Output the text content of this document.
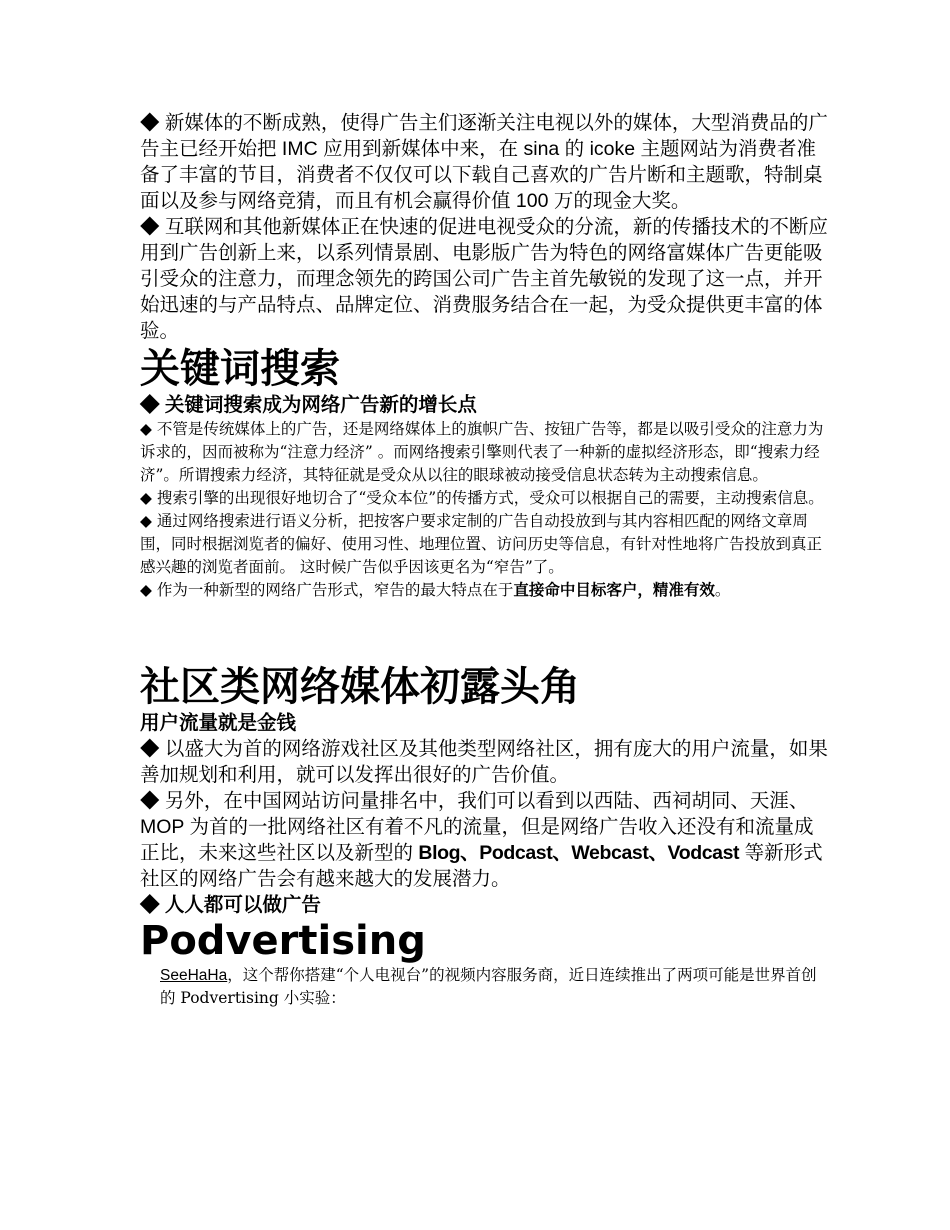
◆ 新媒体的不断成熟，使得广告主们逐渐关注电视以外的媒体，大型消费品的广告主已经开始把 IMC 应用到新媒体中来，在 sina 的 icoke 主题网站为消费者准备了丰富的节目，消费者不仅仅可以下载自己喜欢的广告片断和主题歌，特制桌面以及参与网络竞猜，而且有机会赢得价值 100 万的现金大奖。

◆ 互联网和其他新媒体正在快速的促进电视受众的分流，新的传播技术的不断应用到广告创新上来，以系列情景剧、电影版广告为特色的网络富媒体广告更能吸引受众的注意力，而理念领先的跨国公司广告主首先敏锐的发现了这一点，并开始迅速的与产品特点、品牌定位、消费服务结合在一起，为受众提供更丰富的体验。

关键词搜索

◆ 关键词搜索成为网络广告新的增长点

◆ 不管是传统媒体上的广告，还是网络媒体上的旗帜广告、按钮广告等，都是以吸引受众的注意力为诉求的，因而被称为“注意力经济” 。而网络搜索引擎则代表了一种新的虚拟经济形态，即“搜索力经济”。所谓搜索力经济，其特征就是受众从以往的眼球被动接受信息状态转为主动搜索信息。

◆ 搜索引擎的出现很好地切合了“受众本位”的传播方式，受众可以根据自己的需要，主动搜索信息。

◆ 通过网络搜索进行语义分析，把按客户要求定制的广告自动投放到与其内容相匹配的网络文章周围，同时根据浏览者的偏好、使用习性、地理位置、访问历史等信息，有针对性地将广告投放到真正感兴趣的浏览者面前。 这时候广告似乎因该更名为“窄告”了。

◆ 作为一种新型的网络广告形式，窄告的最大特点在于直接命中目标客户，精准有效。

社区类网络媒体初露头角

用户流量就是金钱

◆ 以盛大为首的网络游戏社区及其他类型网络社区，拥有庞大的用户流量，如果善加规划和利用，就可以发挥出很好的广告价值。

◆ 另外，在中国网站访问量排名中，我们可以看到以西陆、西祠胡同、天涯、MOP 为首的一批网络社区有着不凡的流量，但是网络广告收入还没有和流量成正比，未来这些社区以及新型的 Blog、Podcast、Webcast、Vodcast 等新形式社区的网络广告会有越来越大的发展潜力。

◆ 人人都可以做广告

Podvertising

SeeHaHa，这个帮你搭建“个人电视台”的视频内容服务商，近日连续推出了两项可能是世界首创的 Podvertising 小实验：
